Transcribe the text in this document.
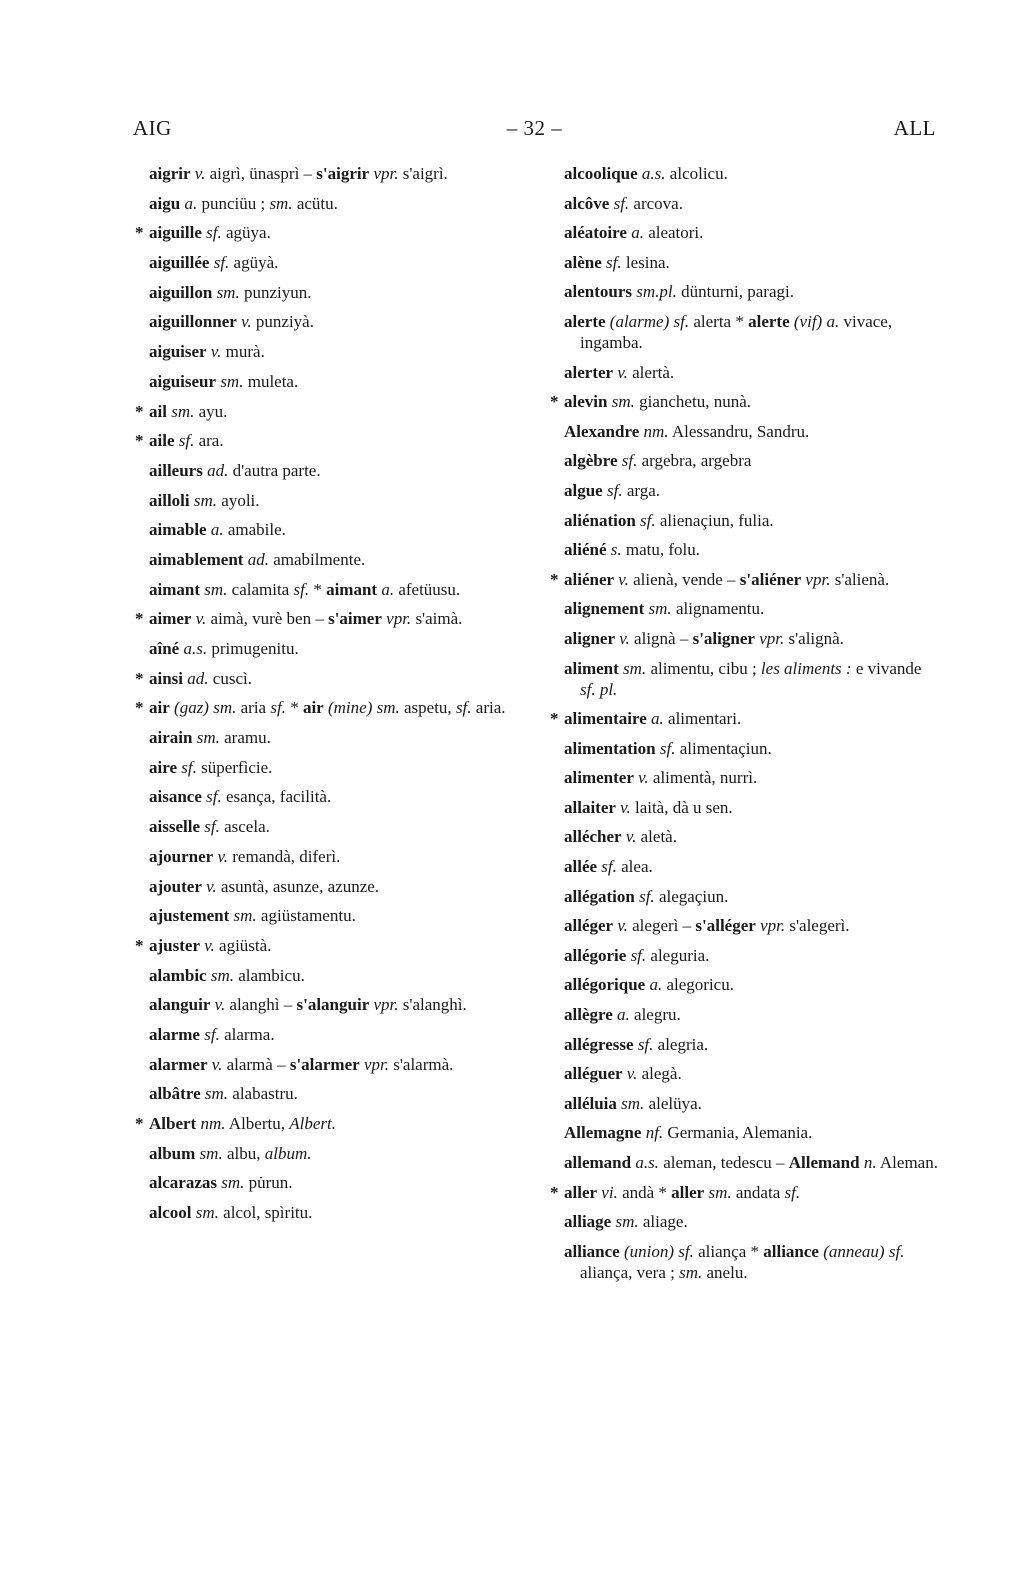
AIG	– 32 –	ALL
aigrir v. aigrì, ünasprì – s'aigrir vpr. s'aigrì.
aigu a. punciüu ; sm. acütu.
* aiguille sf. agüya.
aiguillée sf. agüyà.
aiguillon sm. punziyun.
aiguillonner v. punziyà.
aiguiser v. murà.
aiguiseur sm. muleta.
* ail sm. ayu.
* aile sf. ara.
ailleurs ad. d'autra parte.
ailloli sm. ayoli.
aimable a. amabile.
aimablement ad. amabilmente.
aimant sm. calamita sf. * aimant a. afetüusu.
* aimer v. aimà, vurè ben – s'aimer vpr. s'aimà.
aîné a.s. primugenitu.
* ainsi ad. cuscì.
* air (gaz) sm. aria sf. * air (mine) sm. aspetu, sf. aria.
airain sm. aramu.
aire sf. süperfìcie.
aisance sf. esança, facilità.
aisselle sf. ascela.
ajourner v. remandà, diferì.
ajouter v. asuntà, asunze, azunze.
ajustement sm. agiüstamentu.
* ajuster v. agiüstà.
alambic sm. alambicu.
alanguir v. alanghì – s'alanguir vpr. s'alanghì.
alarme sf. alarma.
alarmer v. alarmà – s'alarmer vpr. s'alarmà.
albâtre sm. alabastru.
* Albert nm. Albertu, Albert.
album sm. albu, album.
alcarazas sm. pu̇run.
alcool sm. alcol, spìritu.
alcoolique a.s. alcolicu.
alcôve sf. arcova.
aléatoire a. aleatori.
alène sf. lesina.
alentours sm.pl. dünturni, paragi.
alerte (alarme) sf. alerta * alerte (vif) a. vivace, ingamba.
alerter v. alertà.
* alevin sm. gianchetu, nunà.
Alexandre nm. Alessandru, Sandru.
algèbre sf. argebra, argebra
algue sf. arga.
aliénation sf. alienaçiun, fulia.
aliéné s. matu, folu.
* aliéner v. alienà, vende – s'aliéner vpr. s'alienà.
alignement sm. alignamentu.
aligner v. alignà – s'aligner vpr. s'alignà.
aliment sm. alimentu, cibu ; les aliments : e vivande sf. pl.
* alimentaire a. alimentari.
alimentation sf. alimentaçiun.
alimenter v. alimentà, nurrì.
allaiter v. laità, dà u sen.
allécher v. aletà.
allée sf. alea.
allégation sf. alegaçiun.
alléger v. alegerì – s'alléger vpr. s'alegerì.
allégorie sf. aleguria.
allégorique a. alegoricu.
allègre a. alegru.
allégresse sf. alegria.
alléguer v. alegà.
alléluia sm. alelüya.
Allemagne nf. Germania, Alemania.
allemand a.s. aleman, tedescu – Allemand n. Aleman.
* aller vi. andà * aller sm. andata sf.
alliage sm. aliage.
alliance (union) sf. aliança * alliance (anneau) sf. aliança, vera ; sm. anelu.
